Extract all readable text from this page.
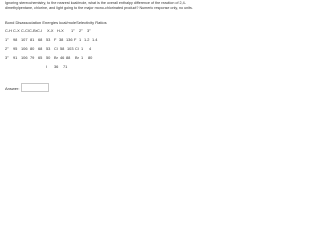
Ignoring stereochemistry, to the nearest kcal/mole, what is the overall enthalpy difference of the reaction of 2,4-dimethylpentane, chlorine, and light going to the major mono-chlorinated product? Numeric response only, no units.
Bond Disassociation Energies kcal/moleSelectivity Ratios
C-H C-X C-Cl C-Br C-I X-X H-X 1° 2° 3°
1° 98 107 81 68 53 F 38 136 F 1 1.2 1.4
2° 95 106 80 68 53 Cl 58 103 Cl 1 4
3° 91 106 79 65 50 Br 46 88 Br 1 80
I 36 71
Answer:
